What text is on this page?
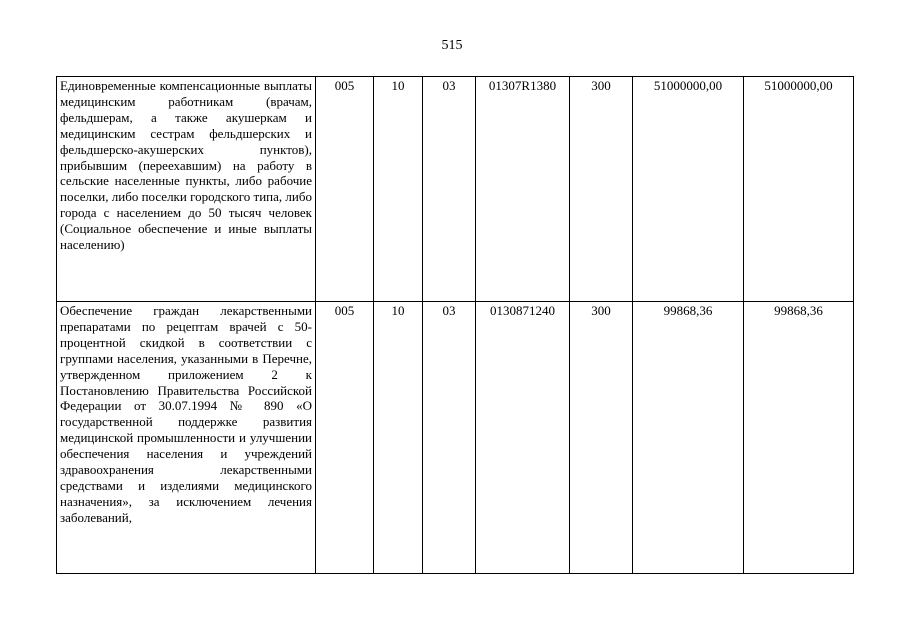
515
Единовременные компенсационные выплаты медицинским работникам (врачам, фельдшерам, а также акушеркам и медицинским сестрам фельдшерских и фельдшерско-акушерских пунктов), прибывшим (переехавшим) на работу в сельские населенные пункты, либо рабочие поселки, либо поселки городского типа, либо города с населением до 50 тысяч человек (Социальное обеспечение и иные выплаты населению)	005	10	03	01307R1380	300	51000000,00	51000000,00
Обеспечение граждан лекарственными препаратами по рецептам врачей с 50-процентной скидкой в соответствии с группами населения, указанными в Перечне, утвержденном приложением 2 к Постановлению Правительства Российской Федерации от 30.07.1994 № 890 «О государственной поддержке развития медицинской промышленности и улучшении обеспечения населения и учреждений здравоохранения лекарственными средствами и изделиями медицинского назначения», за исключением лечения заболеваний,	005	10	03	0130871240	300	99868,36	99868,36
